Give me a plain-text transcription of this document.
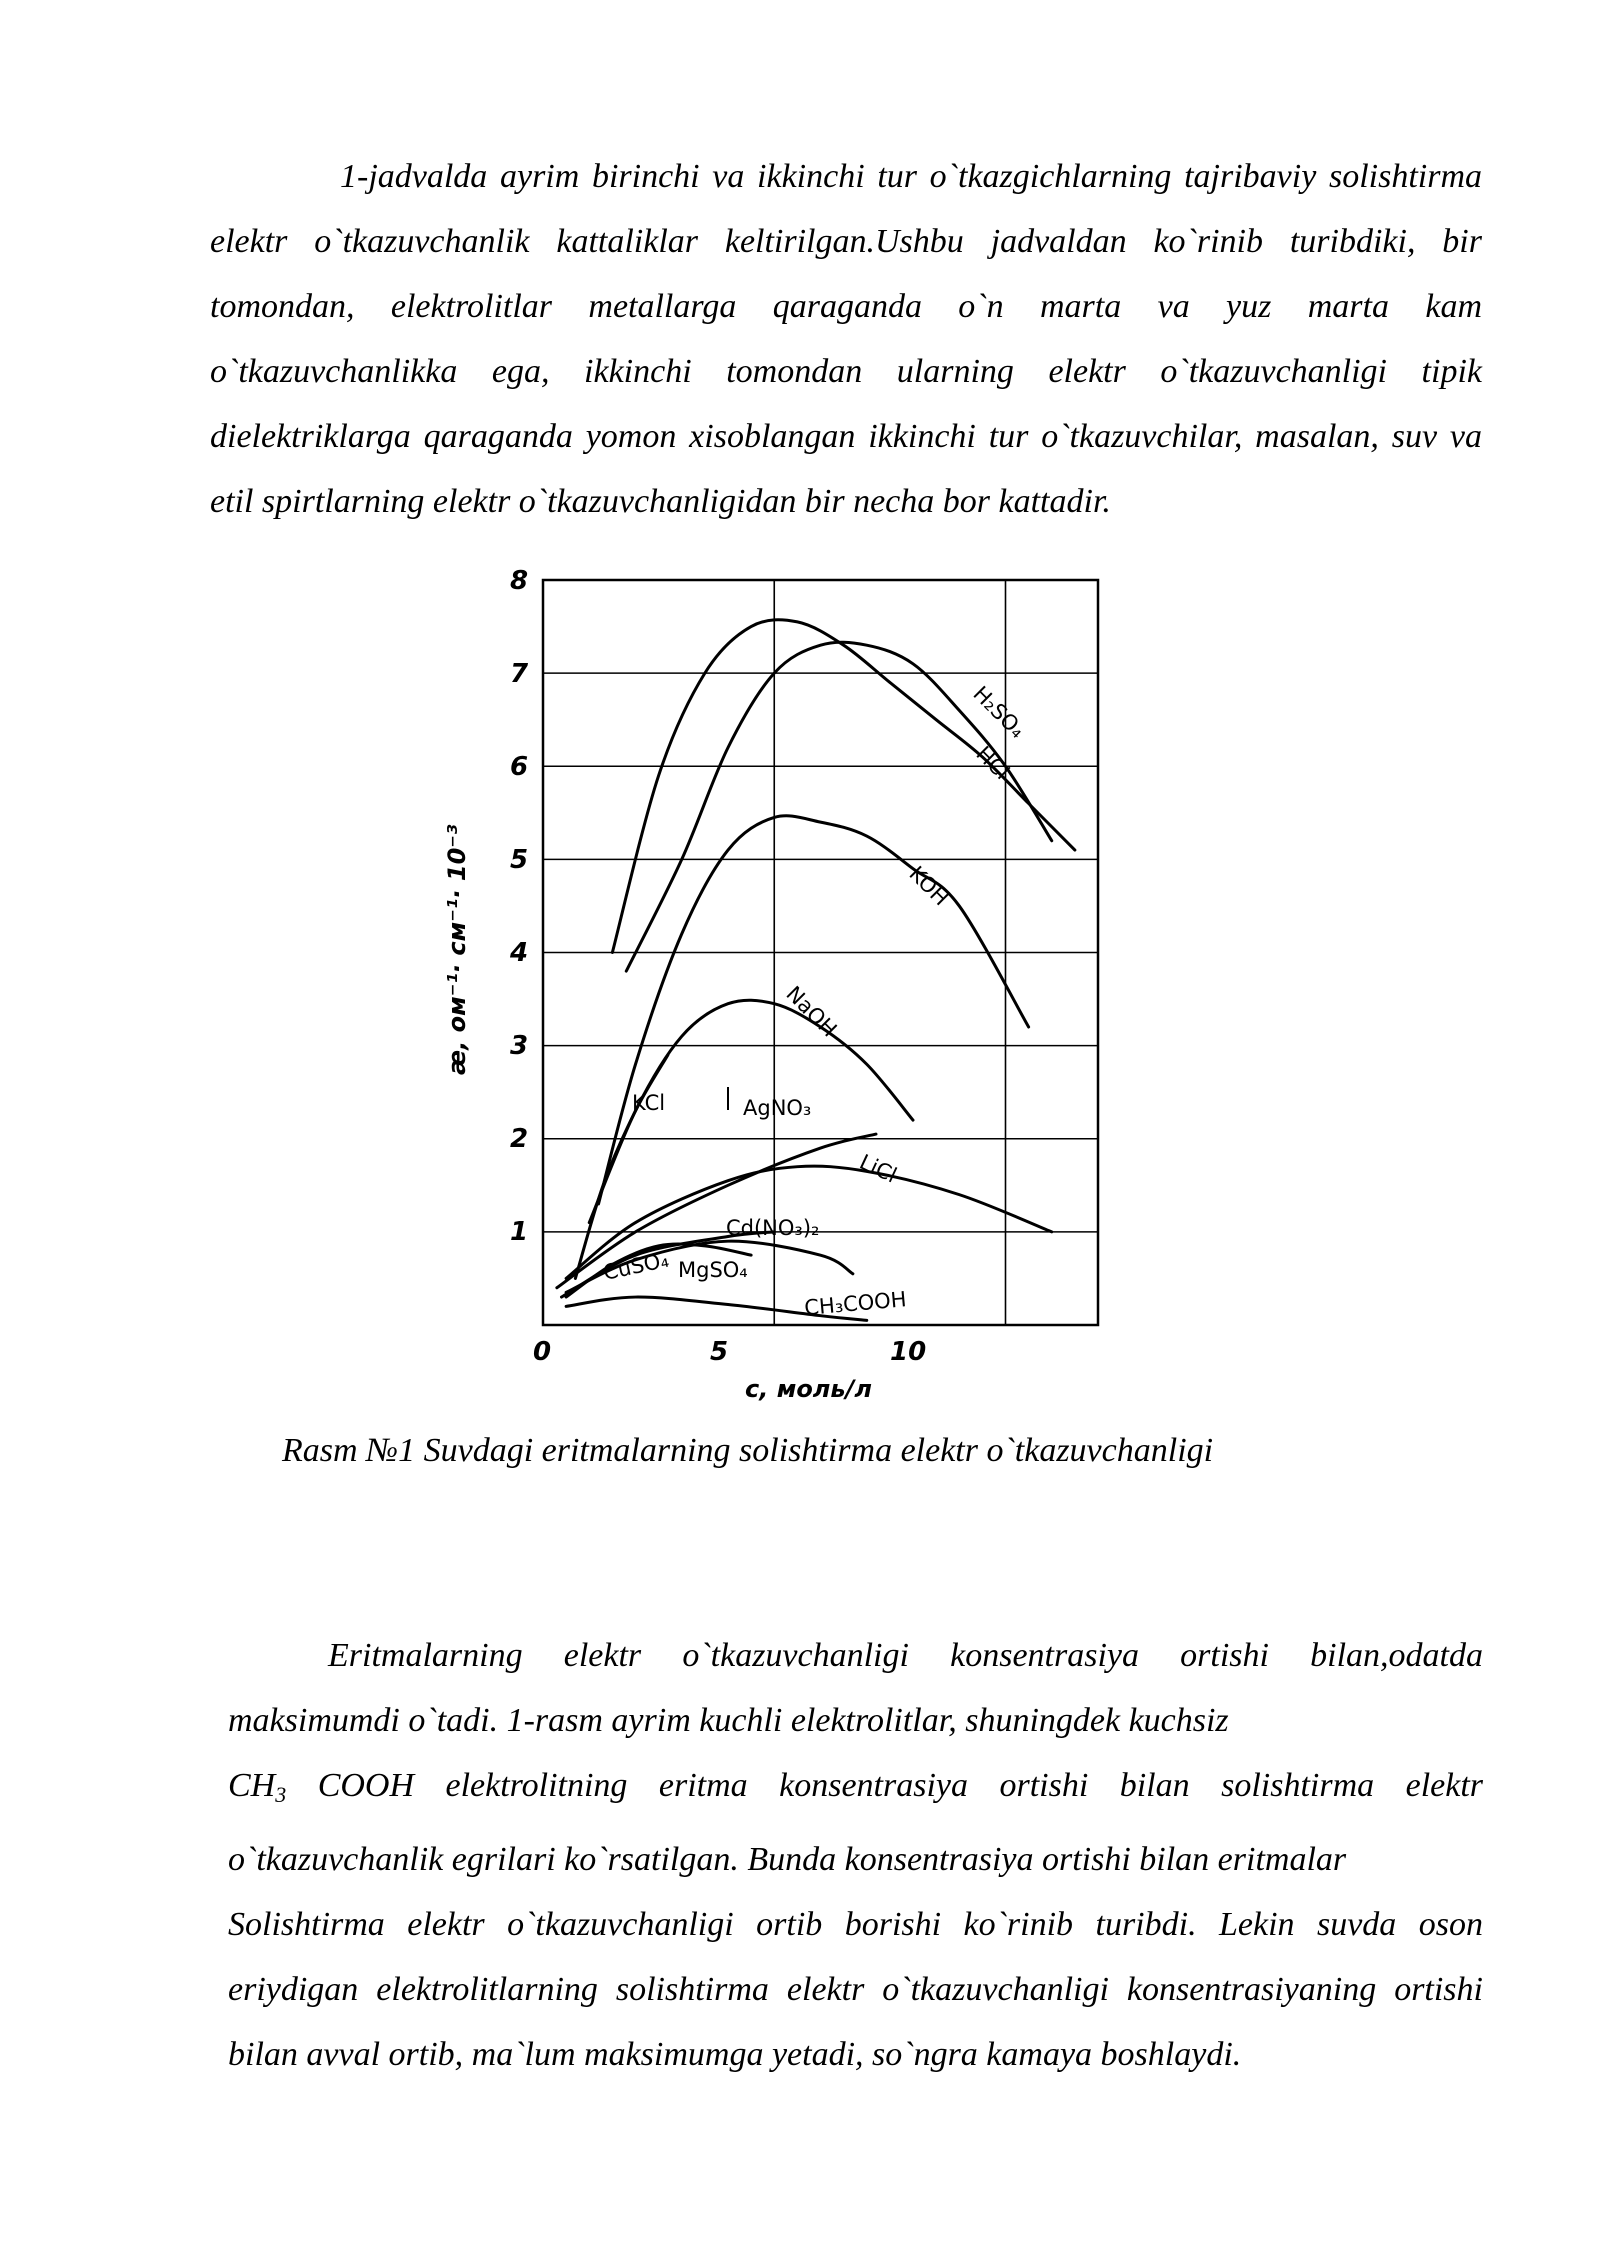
1-jadvalda ayrim birinchi va ikkinchi tur o`tkazgichlarning tajribaviy solishtirma elektr o`tkazuvchanlik kattaliklar keltirilgan.Ushbu jadvaldan ko`rinib turibdiki, bir tomondan, elektrolitlar metallarga qaraganda o`n marta va yuz marta kam o`tkazuvchanlikka ega, ikkinchi tomondan ularning elektr o`tkazuvchanligi tipik dielektriklarga qaraganda yomon xisoblangan ikkinchi tur o`tkazuvchilar, masalan, suv va etil spirtlarning elektr o`tkazuvchanligidan bir necha bor kattadir.

8
7
6
5
4
3
2
1
0	5	10
æ, ом⁻¹· см⁻¹· 10⁻³
c, моль/л
H₂SO₄
HCl
KOH
NaOH
KCl	AgNO₃
LiCl
Cd(NO₃)₂
CuSO₄ MgSO₄
CH₃COOH
Rasm №1 Suvdagi eritmalarning solishtirma elektr o`tkazuvchanligi

Eritmalarning elektr o`tkazuvchanligi konsentrasiya ortishi bilan,odatda maksimumdi o`tadi. 1-rasm ayrim kuchli elektrolitlar, shuningdek kuchsiz
$CH_3$ COOH elektrolitning eritma konsentrasiya ortishi bilan solishtirma elektr o`tkazuvchanlik egrilari ko`rsatilgan. Bunda konsentrasiya ortishi bilan eritmalar
Solishtirma elektr o`tkazuvchanligi ortib borishi ko`rinib turibdi. Lekin suvda oson eriydigan elektrolitlarning solishtirma elektr o`tkazuvchanligi konsentrasiyaning ortishi bilan avval ortib, ma`lum maksimumga yetadi, so`ngra kamaya boshlaydi.
